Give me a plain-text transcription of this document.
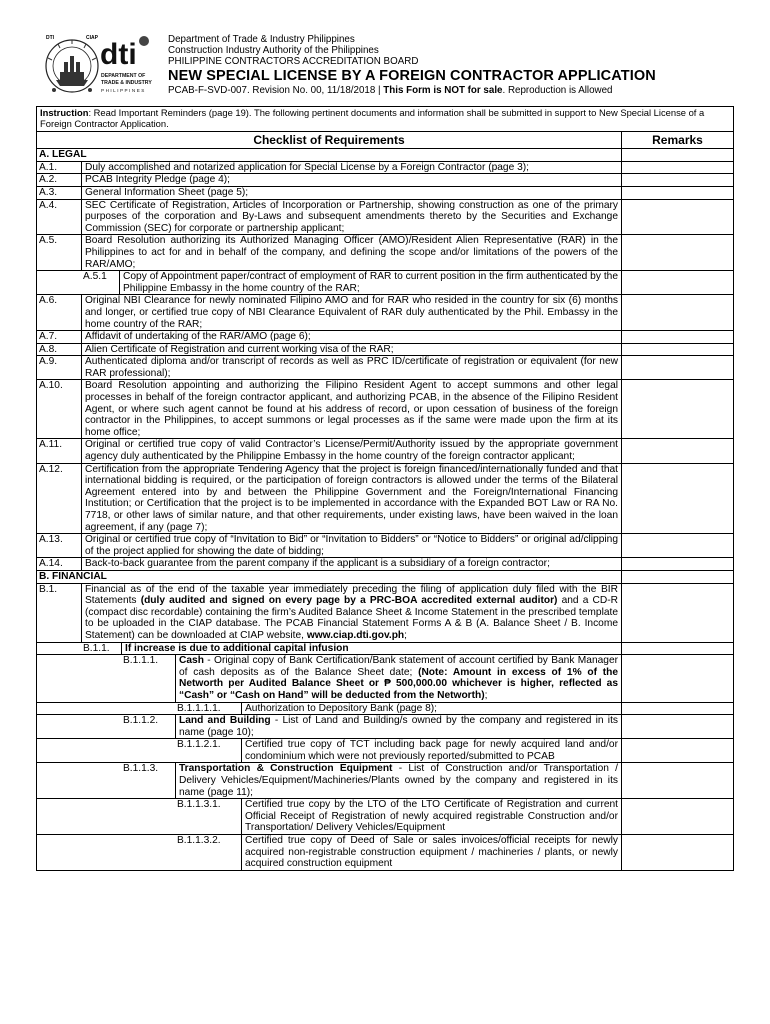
DTI	CIAP dti
DEPARTMENT OF
TRADE & INDUSTRY
PHILIPPINES
Department of Trade & Industry Philippines
Construction Industry Authority of the Philippines
PHILIPPINE CONTRACTORS ACCREDITATION BOARD
NEW SPECIAL LICENSE BY A FOREIGN CONTRACTOR APPLICATION
PCAB-F-SVD-007. Revision No. 00, 11/18/2018 | This Form is NOT for sale. Reproduction is Allowed
Instruction: Read Important Reminders (page 19). The following pertinent documents and information shall be submitted in support to New Special License of a Foreign Contractor Application.
Checklist of Requirements	Remarks
A. LEGAL
A.1.	Duly accomplished and notarized application for Special License by a Foreign Contractor (page 3);
A.2.	PCAB Integrity Pledge (page 4);
A.3.	General Information Sheet (page 5);
A.4.	SEC Certificate of Registration, Articles of Incorporation or Partnership, showing construction as one of the primary purposes of the corporation and By-Laws and subsequent amendments thereto by the Securities and Exchange Commission (SEC) for corporate or partnership applicant;
A.5.	Board Resolution authorizing its Authorized Managing Officer (AMO)/Resident Alien Representative (RAR) in the Philippines to act for and in behalf of the company, and defining the scope and/or limitations of the powers of the RAR/AMO;
A.5.1	Copy of Appointment paper/contract of employment of RAR to current position in the firm authenticated by the Philippine Embassy in the home country of the RAR;
A.6.	Original NBI Clearance for newly nominated Filipino AMO and for RAR who resided in the country for six (6) months and longer, or certified true copy of NBI Clearance Equivalent of RAR duly authenticated by the Phil. Embassy in the home country of the RAR;
A.7.	Affidavit of undertaking of the RAR/AMO (page 6);
A.8.	Alien Certificate of Registration and current working visa of the RAR;
A.9.	Authenticated diploma and/or transcript of records as well as PRC ID/certificate of registration or equivalent (for new RAR professional);
A.10.	Board Resolution appointing and authorizing the Filipino Resident Agent to accept summons and other legal processes in behalf of the foreign contractor applicant, and authorizing PCAB, in the absence of the Filipino Resident Agent, or where such agent cannot be found at his address of record, or upon cessation of business of the foreign contractor in the Philippines, to accept summons or legal processes as if the same were made upon the firm at its home office;
A.11.	Original or certified true copy of valid Contractor’s License/Permit/Authority issued by the appropriate government agency duly authenticated by the Philippine Embassy in the home country of the foreign contractor applicant;
A.12.	Certification from the appropriate Tendering Agency that the project is foreign financed/internationally funded and that international bidding is required, or the participation of foreign contractors is allowed under the terms of the Bilateral Agreement entered into by and between the Philippine Government and the Foreign/International Financing Institution; or Certification that the project is to be implemented in accordance with the Expanded BOT Law or RA No. 7718, or other laws of similar nature, and that other requirements, under existing laws, have been waived in the loan agreement, if any (page 7);
A.13.	Original or certified true copy of “Invitation to Bid” or “Invitation to Bidders” or “Notice to Bidders” or original ad/clipping of the project applied for showing the date of bidding;
A.14.	Back-to-back guarantee from the parent company if the applicant is a subsidiary of a foreign contractor;
B. FINANCIAL
B.1.	Financial as of the end of the taxable year immediately preceding the filing of application duly filed with the BIR Statements (duly audited and signed on every page by a PRC-BOA accredited external auditor) and a CD-R (compact disc recordable) containing the firm’s Audited Balance Sheet & Income Statement in the prescribed template to be uploaded in the CIAP database. The PCAB Financial Statement Forms A & B (A. Balance Sheet / B. Income Statement) can be downloaded at CIAP website, www.ciap.dti.gov.ph;
B.1.1.	If increase is due to additional capital infusion
B.1.1.1.	Cash - Original copy of Bank Certification/Bank statement of account certified by Bank Manager of cash deposits as of the Balance Sheet date; (Note: Amount in excess of 1% of the Networth per Audited Balance Sheet or ₱ 500,000.00 whichever is higher, reflected as “Cash” or “Cash on Hand” will be deducted from the Networth);
B.1.1.1.1.	Authorization to Depository Bank (page 8);
B.1.1.2.	Land and Building - List of Land and Building/s owned by the company and registered in its name (page 10);
B.1.1.2.1.	Certified true copy of TCT including back page for newly acquired land and/or condominium which were not previously reported/submitted to PCAB
B.1.1.3.	Transportation & Construction Equipment - List of Construction and/or Transportation / Delivery Vehicles/Equipment/Machineries/Plants owned by the company and registered in its name (page 11);
B.1.1.3.1.	Certified true copy by the LTO of the LTO Certificate of Registration and current Official Receipt of Registration of newly acquired registrable Construction and/or Transportation/ Delivery Vehicles/Equipment
B.1.1.3.2.	Certified true copy of Deed of Sale or sales invoices/official receipts for newly acquired non-registrable construction equipment / machineries / plants, or newly acquired construction equipment
